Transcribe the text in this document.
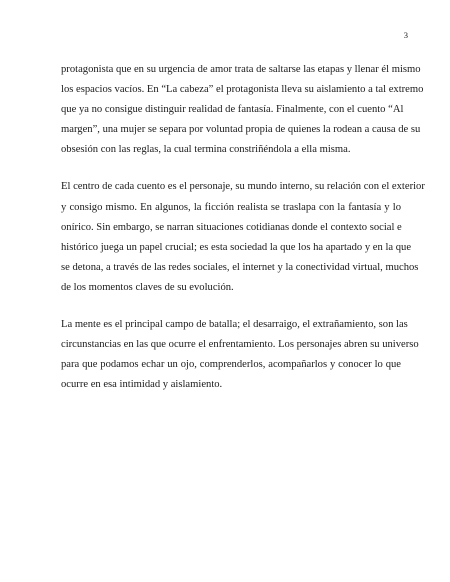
3
protagonista que en su urgencia de amor trata de saltarse las etapas y llenar él mismo
los espacios vacíos. En “La cabeza” el protagonista lleva su aislamiento a tal extremo
que ya no consigue distinguir realidad de fantasía. Finalmente, con el cuento “Al
margen”, una mujer se separa por voluntad propia de quienes la rodean a causa de su
obsesión con las reglas, la cual termina constriñéndola a ella misma.
El centro de cada cuento es el personaje, su mundo interno, su relación con el exterior
y consigo mismo. En algunos, la ficción realista se traslapa con la fantasía y lo
onírico. Sin embargo, se narran situaciones cotidianas donde el contexto social e
histórico juega un papel crucial; es esta sociedad la que los ha apartado y en la que
se detona, a través de las redes sociales, el internet y la conectividad virtual, muchos
de los momentos claves de su evolución.
La mente es el principal campo de batalla; el desarraigo, el extrañamiento, son las
circunstancias en las que ocurre el enfrentamiento. Los personajes abren su universo
para que podamos echar un ojo, comprenderlos, acompañarlos y conocer lo que
ocurre en esa intimidad y aislamiento.
